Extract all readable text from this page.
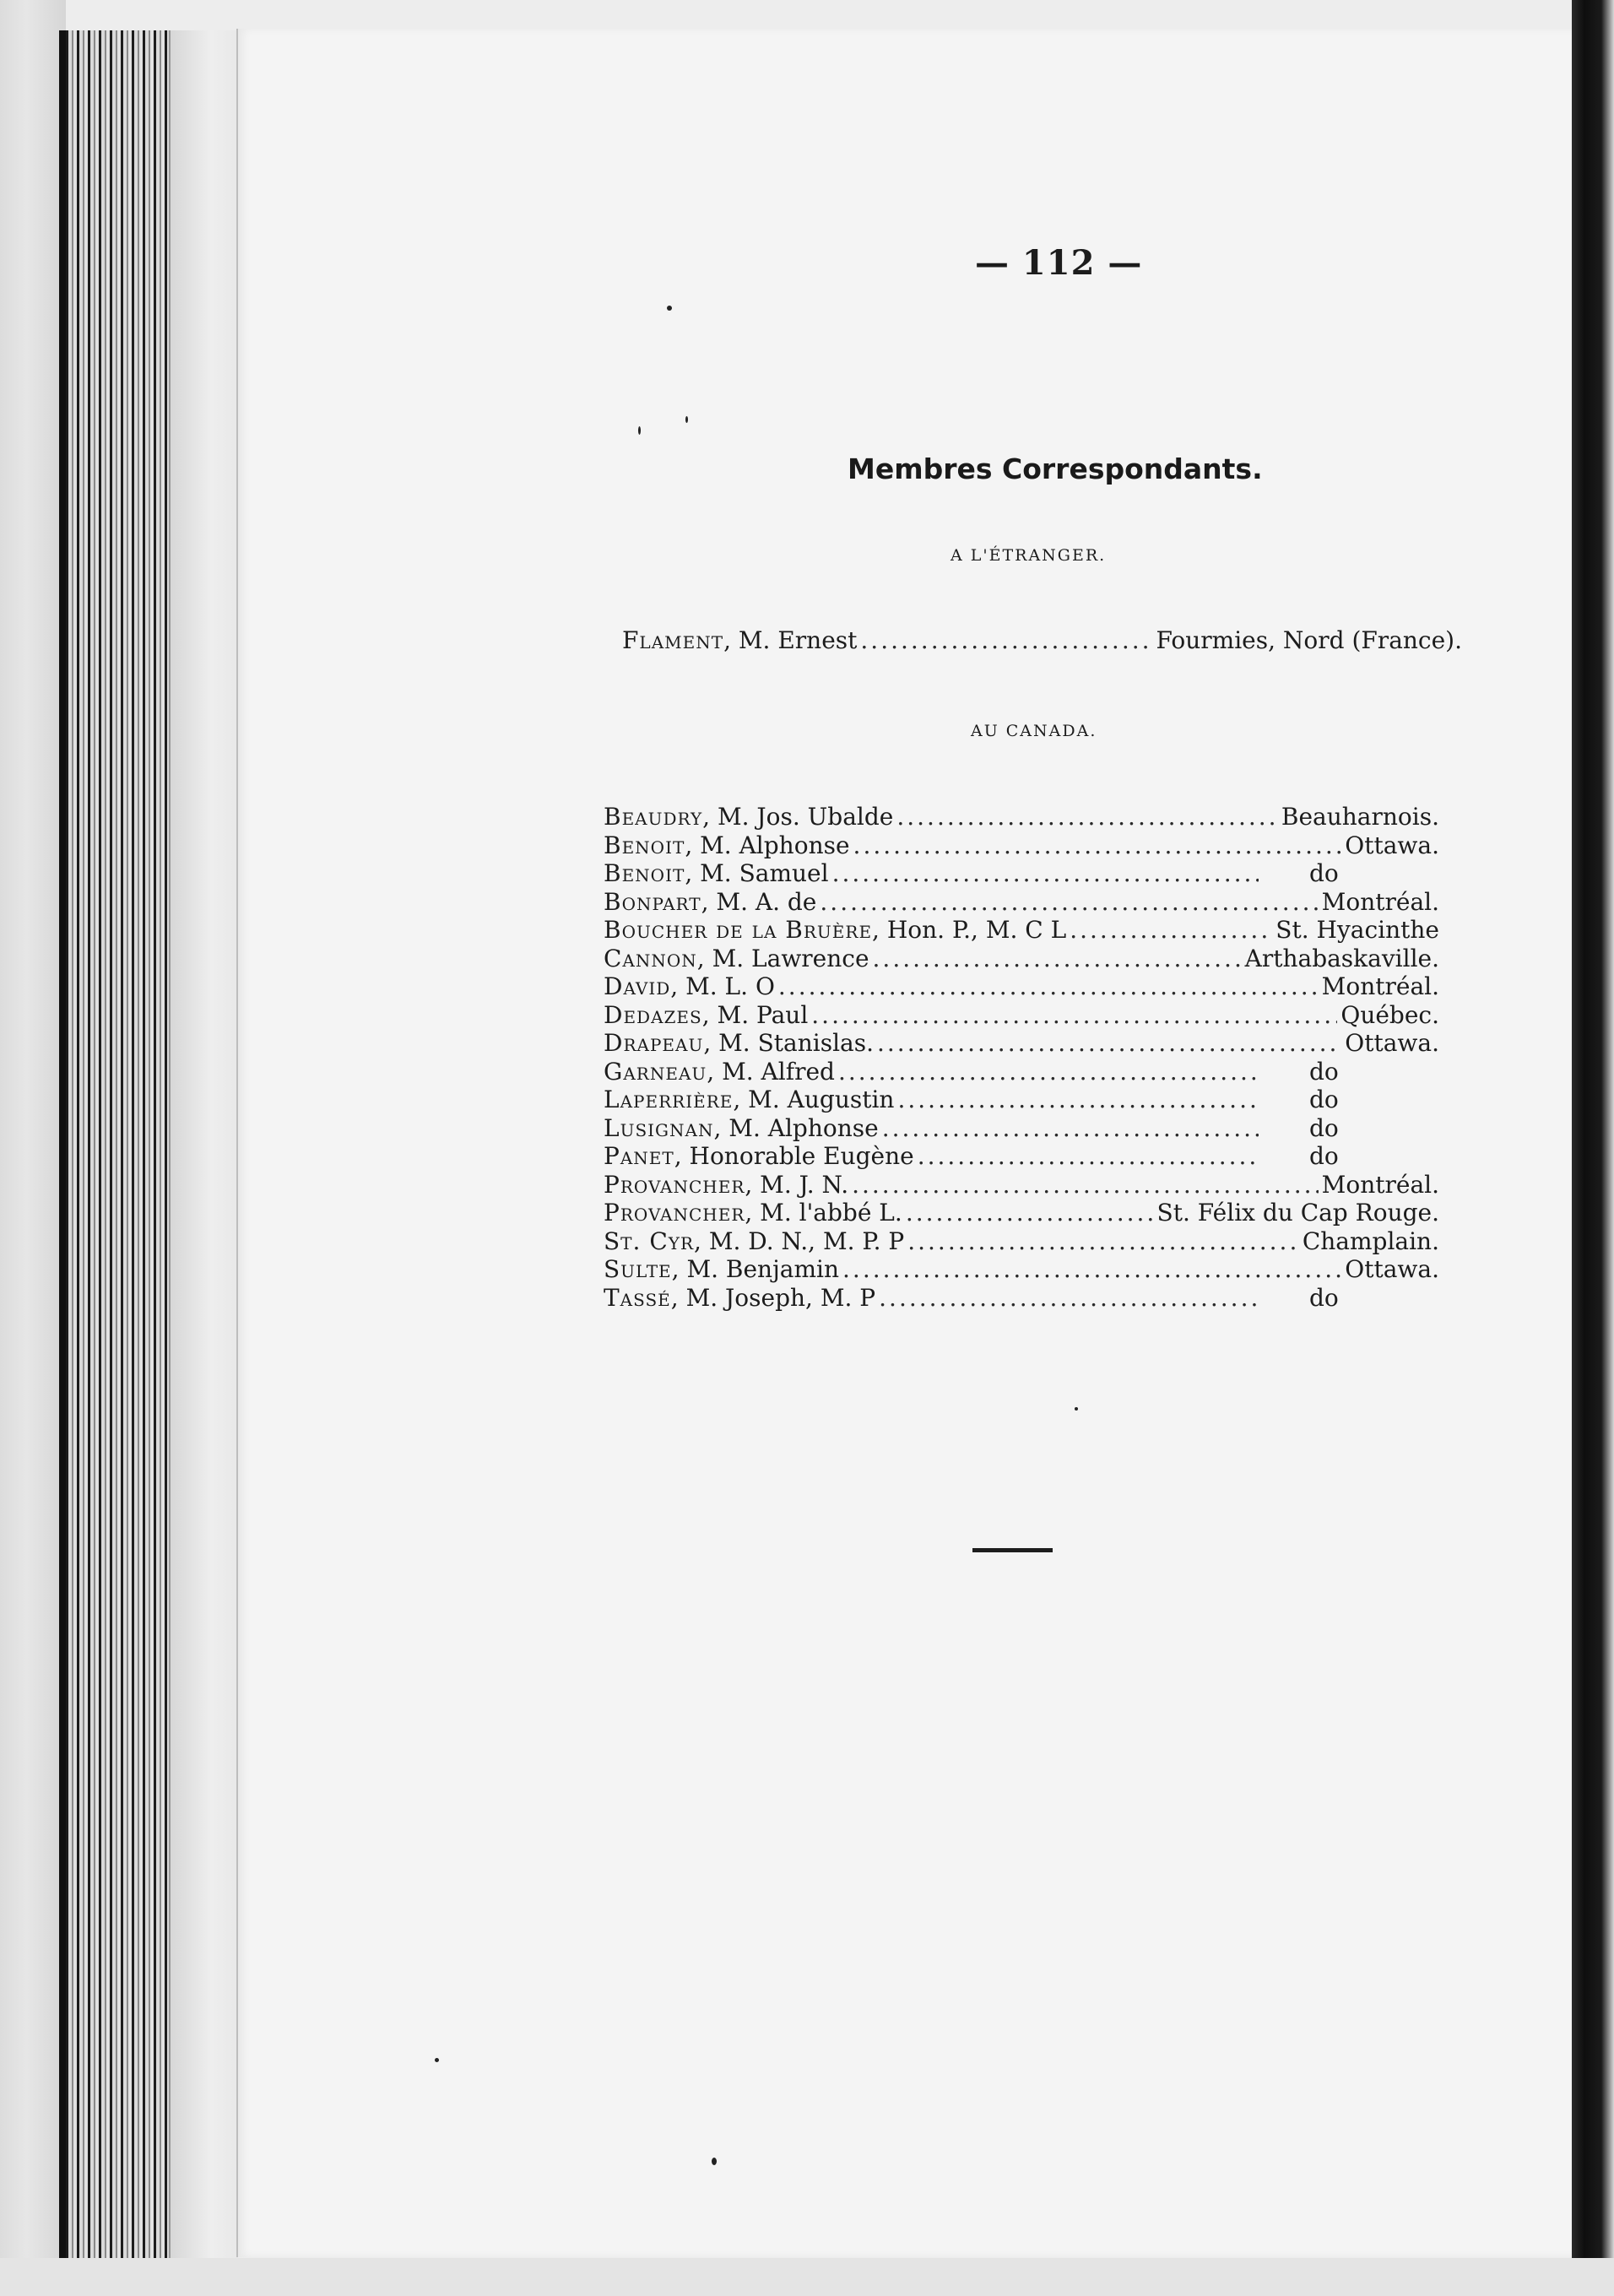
— 112 —
Membres Correspondants.
A L'ÉTRANGER.
Flament, M. Ernest .....	Fourmies, Nord (France).
AU CANADA.
Beaudry, M. Jos. Ubalde .....	Beauharnois.
Benoit, M. Alphonse .....	Ottawa.
Benoit, M. Samuel .....	do
Bonpart, M. A. de .....	Montréal.
Boucher de la Bruère, Hon. P., M. C L .....	St. Hyacinthe
Cannon, M. Lawrence .....	Arthabaskaville.
David, M. L. O .....	Montréal.
Dedazes, M. Paul .....	Québec.
Drapeau, M. Stanislas. .....	Ottawa.
Garneau, M. Alfred .....	do
Laperrière, M. Augustin .....	do
Lusignan, M. Alphonse .....	do
Panet, Honorable Eugène .....	do
Provancher, M. J. N. .....	Montréal.
Provancher, M. l'abbé L. .....	St. Félix du Cap Rouge.
St. Cyr, M. D. N., M. P. P .....	Champlain.
Sulte, M. Benjamin .....	Ottawa.
Tassé, M. Joseph, M. P .....	do
